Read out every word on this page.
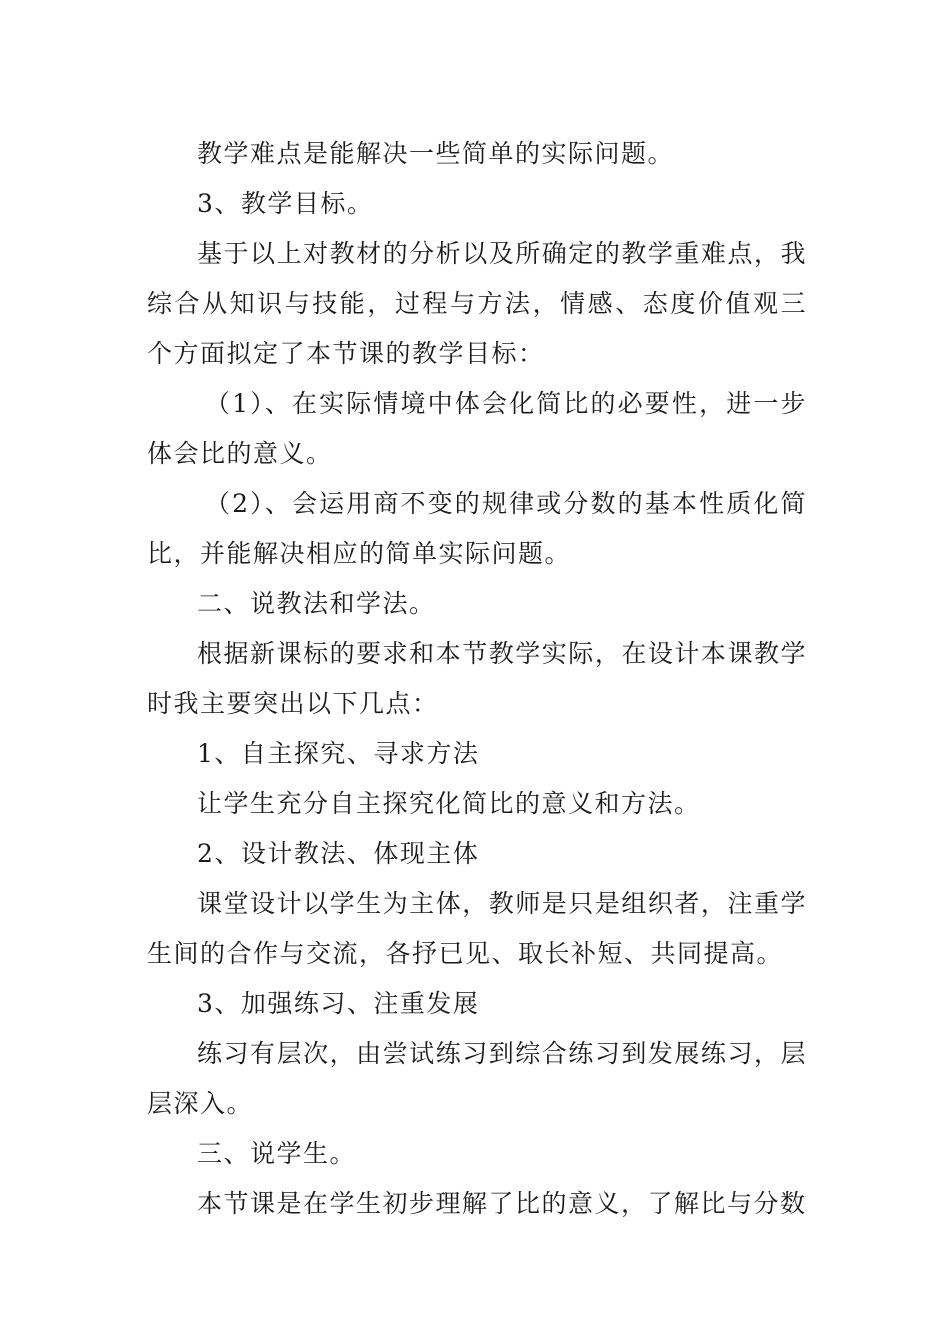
教学难点是能解决一些简单的实际问题。

3、教学目标。

基于以上对教材的分析以及所确定的教学重难点，我综合从知识与技能，过程与方法，情感、态度价值观三个方面拟定了本节课的教学目标：

（1）、在实际情境中体会化简比的必要性，进一步体会比的意义。

（2）、会运用商不变的规律或分数的基本性质化简比，并能解决相应的简单实际问题。

二、说教法和学法。

根据新课标的要求和本节教学实际，在设计本课教学时我主要突出以下几点：

1、自主探究、寻求方法

让学生充分自主探究化简比的意义和方法。

2、设计教法、体现主体

课堂设计以学生为主体，教师是只是组织者，注重学生间的合作与交流，各抒已见、取长补短、共同提高。

3、加强练习、注重发展

练习有层次，由尝试练习到综合练习到发展练习，层层深入。

三、说学生。

本节课是在学生初步理解了比的意义，了解比与分数
